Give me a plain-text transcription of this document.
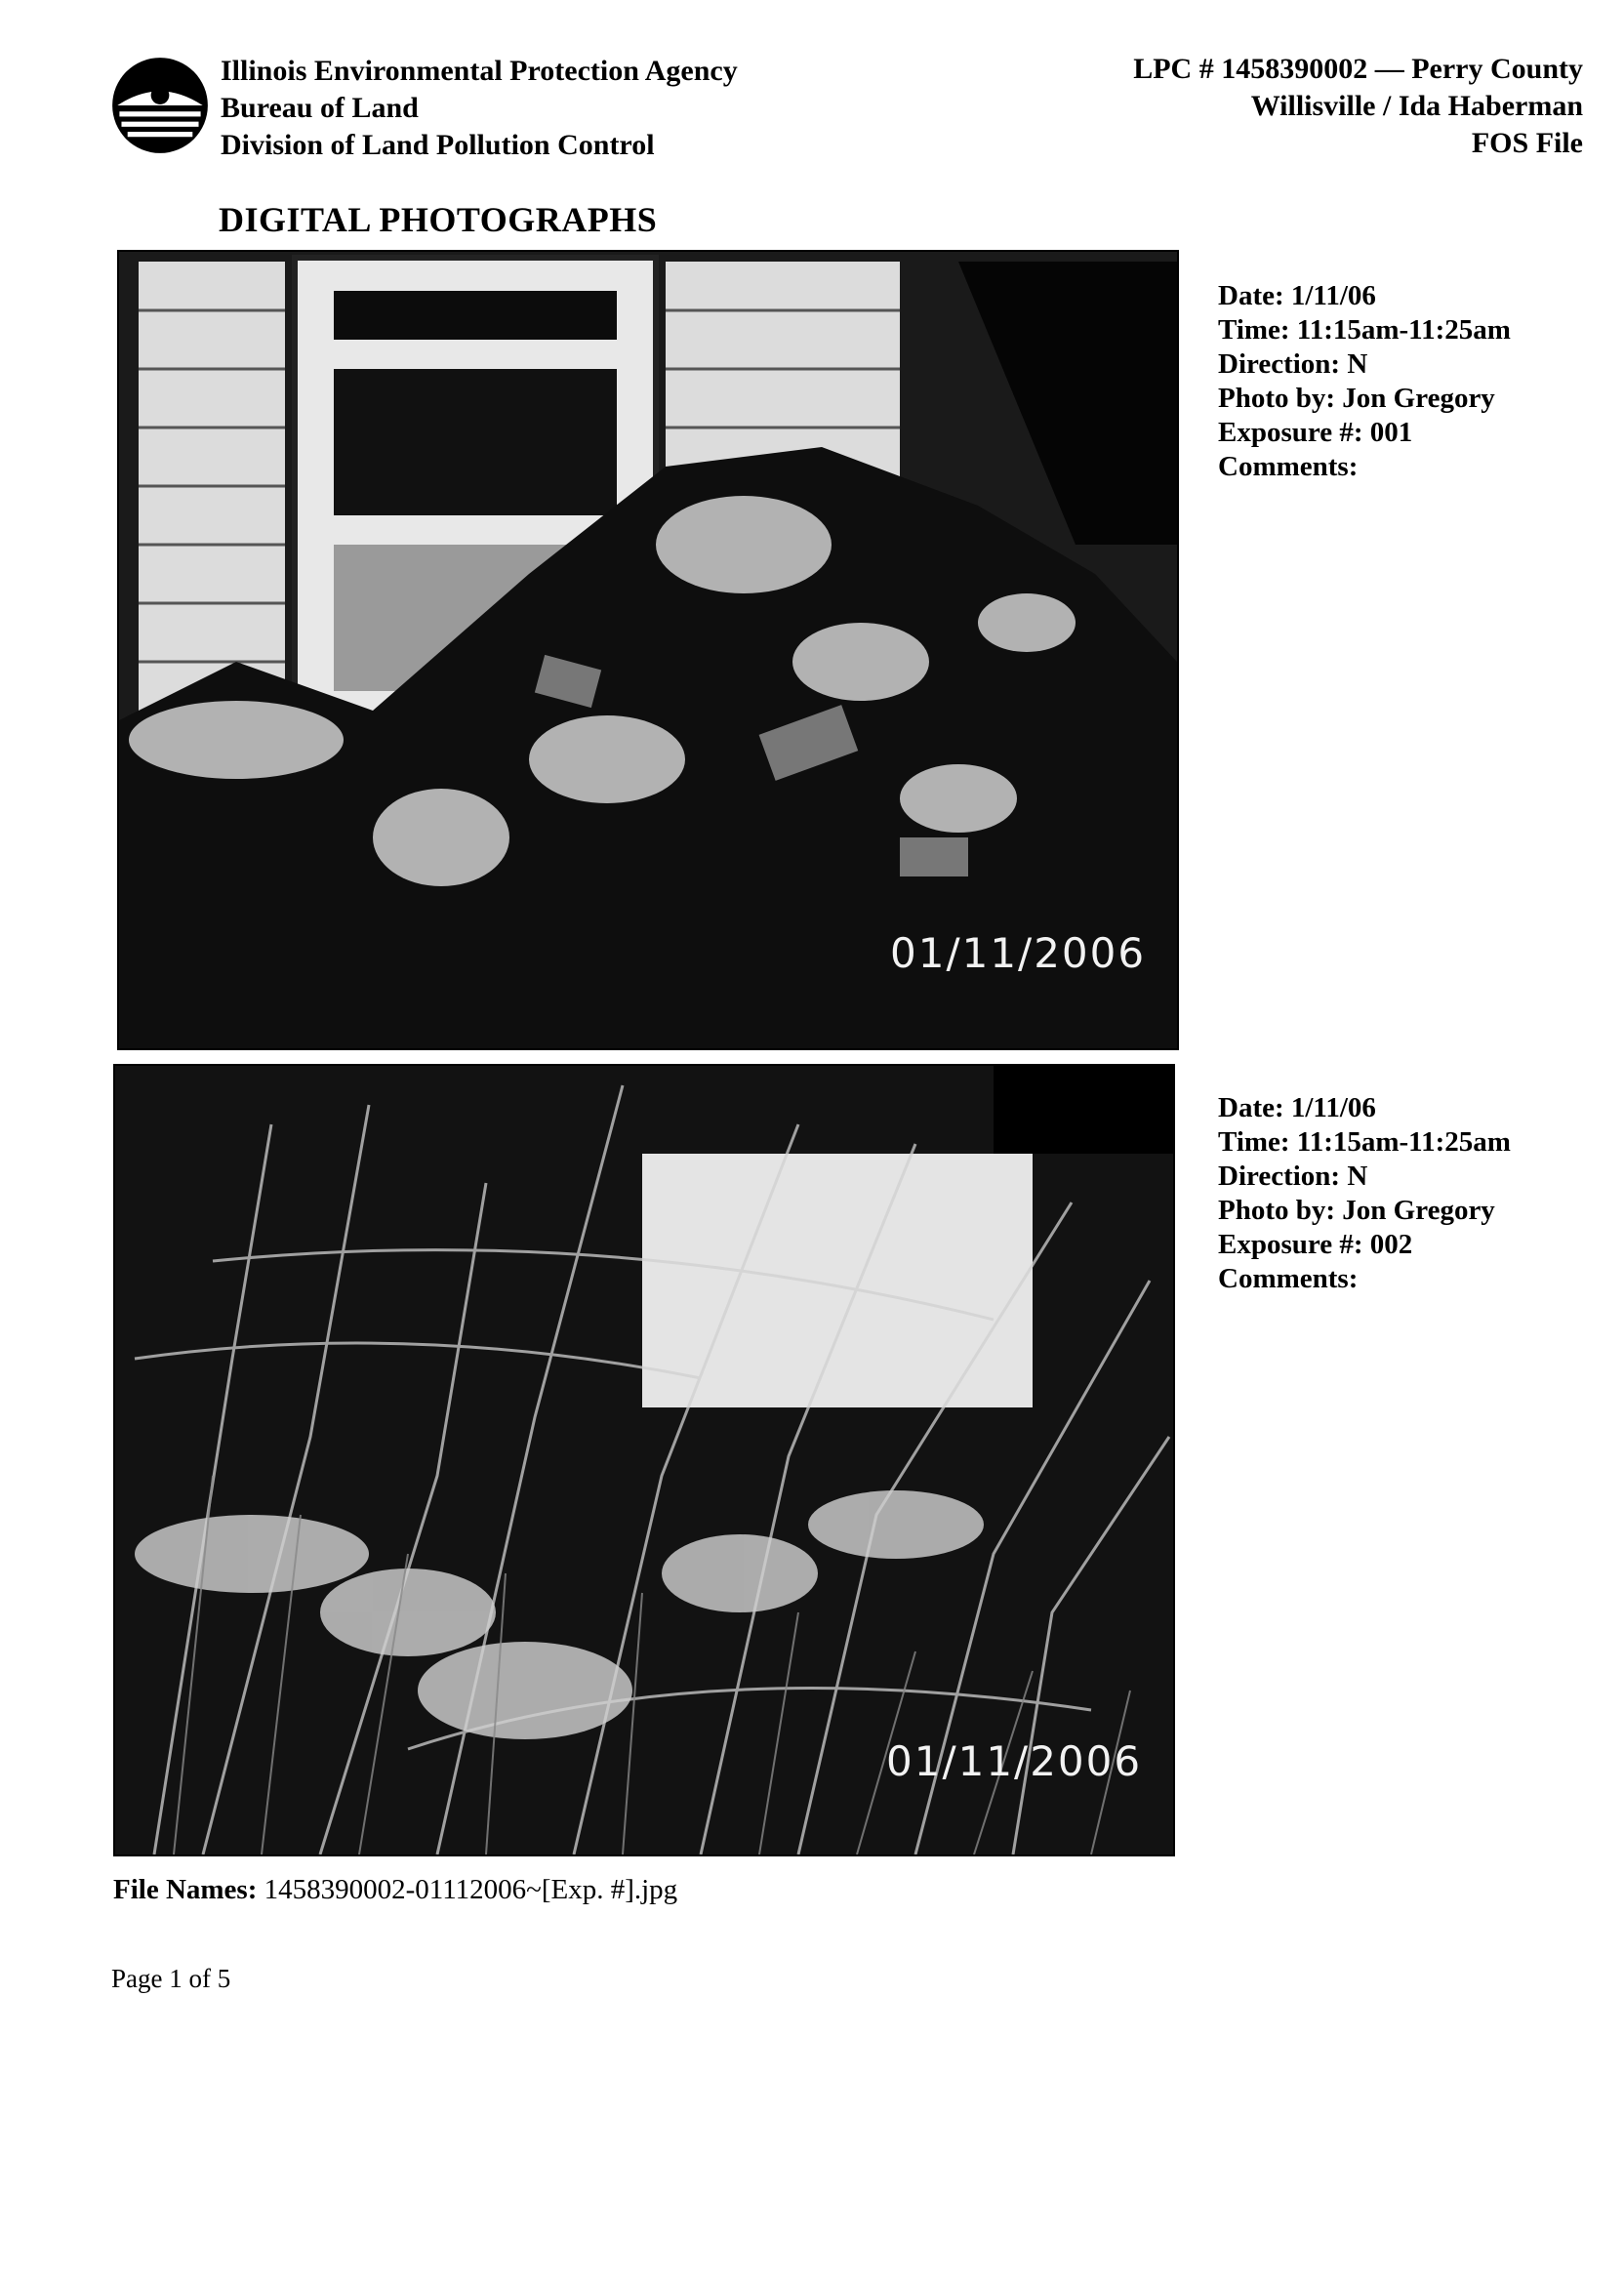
Illinois Environmental Protection Agency
Bureau of Land
Division of Land Pollution Control
LPC # 1458390002 — Perry County
Willisville / Ida Haberman
FOS File
DIGITAL PHOTOGRAPHS
01/11/2006
Date: 1/11/06
Time: 11:15am-11:25am
Direction: N
Photo by: Jon Gregory
Exposure #: 001
Comments:
01/11/2006
Date: 1/11/06
Time: 11:15am-11:25am
Direction: N
Photo by: Jon Gregory
Exposure #: 002
Comments:
File Names: 1458390002-01112006~[Exp. #].jpg
Page 1 of 5
